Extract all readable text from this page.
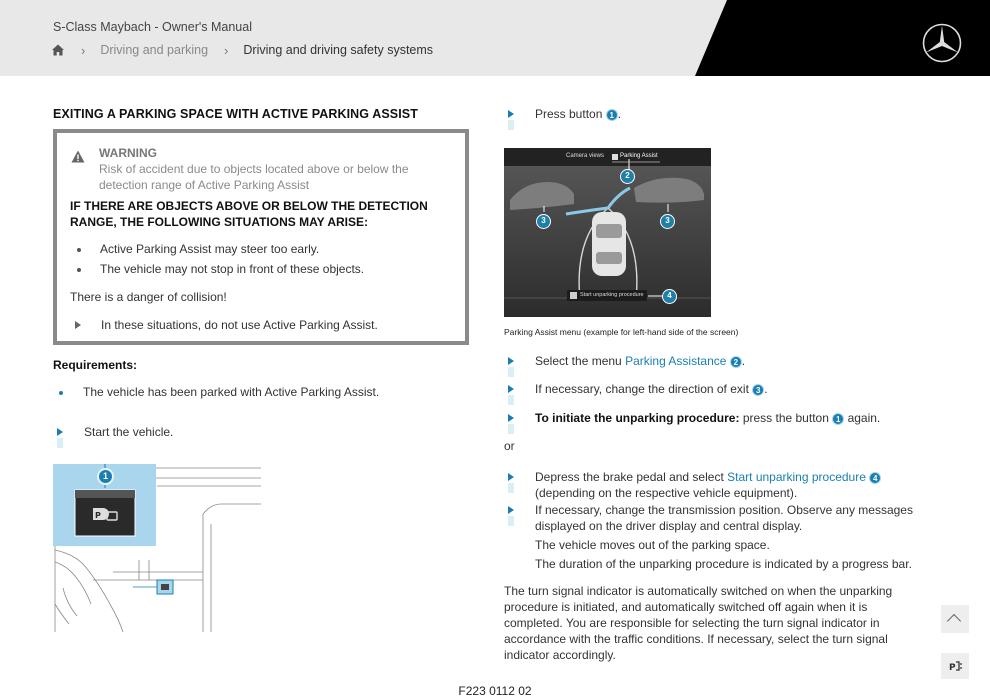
S-Class Maybach - Owner's Manual
› Driving and parking › Driving and driving safety systems
EXITING A PARKING SPACE WITH ACTIVE PARKING ASSIST
WARNING
Risk of accident due to objects located above or below the detection range of Active Parking Assist
IF THERE ARE OBJECTS ABOVE OR BELOW THE DETECTION RANGE, THE FOLLOWING SITUATIONS MAY ARISE:
Active Parking Assist may steer too early.
The vehicle may not stop in front of these objects.
There is a danger of collision!
In these situations, do not use Active Parking Assist.
Requirements:
The vehicle has been parked with Active Parking Assist.
Start the vehicle.
P
1
Press button 1 .
Camera views	Parking Assist
Start unparking procedure
2
3	3
4
Parking Assist menu (example for left-hand side of the screen)
Select the menu Parking Assistance 2 .
If necessary, change the direction of exit 3 .
To initiate the unparking procedure: press the button 1 again.
or
Depress the brake pedal and select Start unparking procedure 4
(depending on the respective vehicle equipment).
If necessary, change the transmission position. Observe any messages displayed on the driver display and central display.
The vehicle moves out of the parking space.
The duration of the unparking procedure is indicated by a progress bar.
The turn signal indicator is automatically switched on when the unparking procedure is initiated, and automatically switched off again when it is completed. You are responsible for selecting the turn signal indicator in accordance with the traffic conditions. If necessary, select the turn signal indicator accordingly.
P
F223 0112 02
